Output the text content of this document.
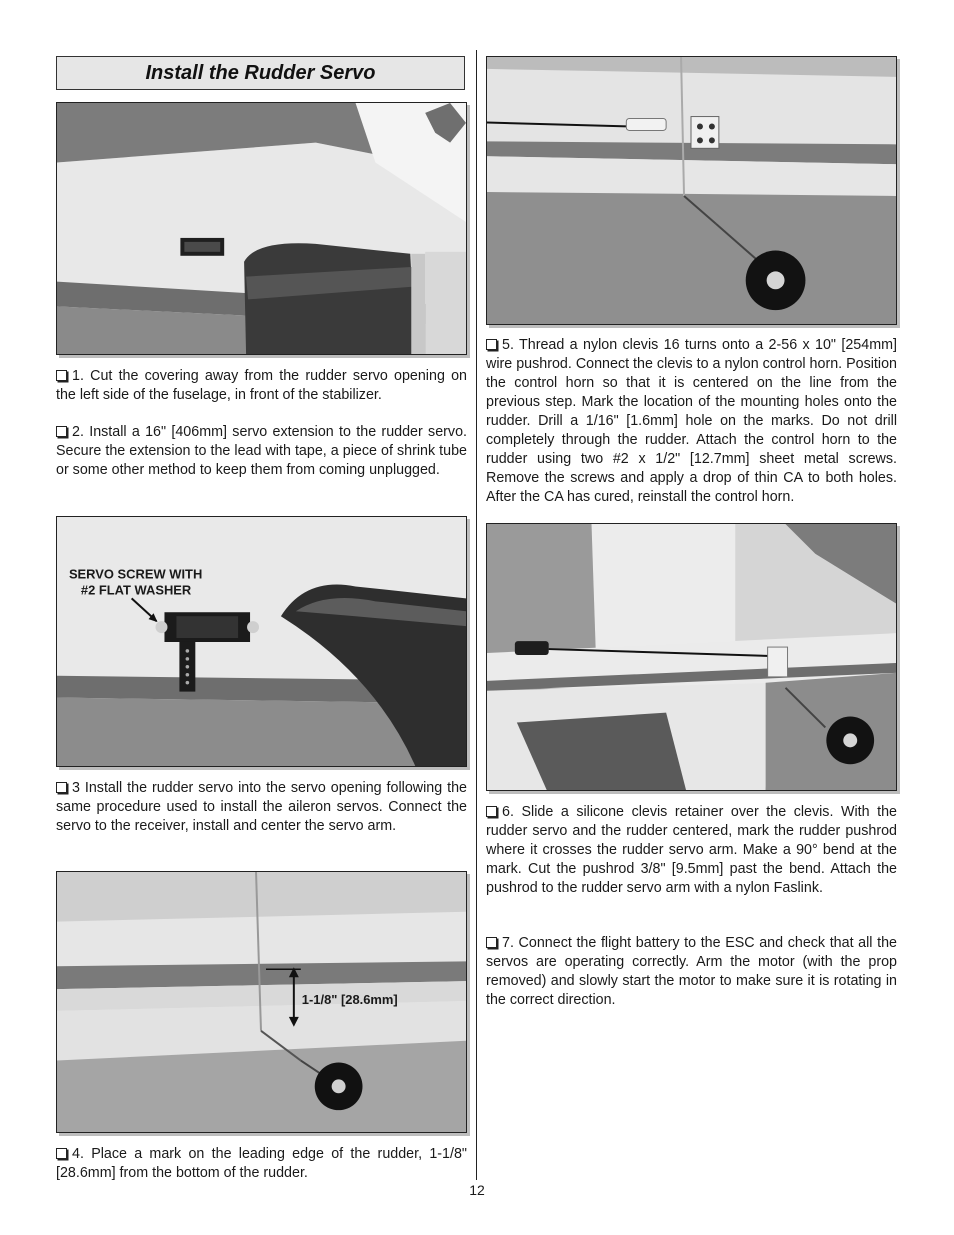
Install the Rudder Servo

1. Cut the covering away from the rudder servo opening on the left side of the fuselage, in front of the stabilizer.

2. Install a 16" [406mm] servo extension to the rudder servo. Secure the extension to the lead with tape, a piece of shrink tube or some other method to keep them from coming unplugged.

SERVO SCREW WITH
#2 FLAT WASHER

3 Install the rudder servo into the servo opening following the same procedure used to install the aileron servos. Connect the servo to the receiver, install and center the servo arm.

1-1/8" [28.6mm]

4. Place a mark on the leading edge of the rudder, 1-1/8" [28.6mm] from the bottom of the rudder.

5. Thread a nylon clevis 16 turns onto a 2-56 x 10" [254mm] wire pushrod. Connect the clevis to a nylon control horn. Position the control horn so that it is centered on the line from the previous step. Mark the location of the mounting holes onto the rudder. Drill a 1/16" [1.6mm] hole on the marks. Do not drill completely through the rudder. Attach the control horn to the rudder using two #2 x 1/2" [12.7mm] sheet metal screws. Remove the screws and apply a drop of thin CA to both holes. After the CA has cured, reinstall the control horn.

6. Slide a silicone clevis retainer over the clevis. With the rudder servo and the rudder centered, mark the rudder pushrod where it crosses the rudder servo arm. Make a 90° bend at the mark. Cut the pushrod 3/8" [9.5mm] past the bend. Attach the pushrod to the rudder servo arm with a nylon Faslink.

7. Connect the flight battery to the ESC and check that all the servos are operating correctly. Arm the motor (with the prop removed) and slowly start the motor to make sure it is rotating in the correct direction.

12
